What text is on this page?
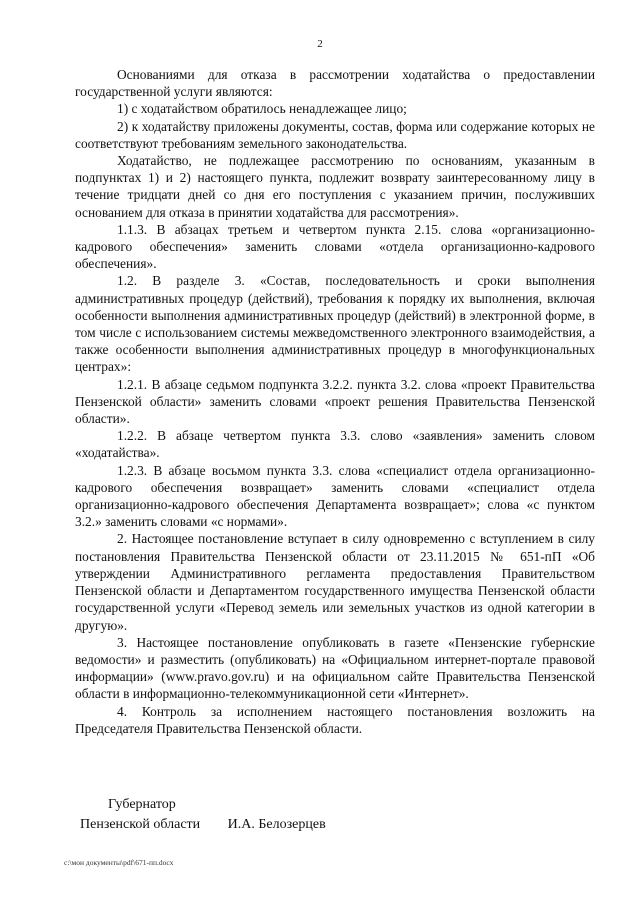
2

Основаниями для отказа в рассмотрении ходатайства о предоставлении государственной услуги являются:

1) с ходатайством обратилось ненадлежащее лицо;

2) к ходатайству приложены документы, состав, форма или содержание которых не соответствуют требованиям земельного законодательства.

Ходатайство, не подлежащее рассмотрению по основаниям, указанным в подпунктах 1) и 2) настоящего пункта, подлежит возврату заинтересованному лицу в течение тридцати дней со дня его поступления с указанием причин, послуживших основанием для отказа в принятии ходатайства для рассмотрения».

1.1.3. В абзацах третьем и четвертом пункта 2.15. слова «организационно-кадрового обеспечения» заменить словами «отдела организационно-кадрового обеспечения».

1.2. В разделе 3. «Состав, последовательность и сроки выполнения административных процедур (действий), требования к порядку их выполнения, включая особенности выполнения административных процедур (действий) в электронной форме, в том числе с использованием системы межведомственного электронного взаимодействия, а также особенности выполнения административных процедур в многофункциональных центрах»:

1.2.1. В абзаце седьмом подпункта 3.2.2. пункта 3.2. слова «проект Правительства Пензенской области» заменить словами «проект решения Правительства Пензенской области».

1.2.2. В абзаце четвертом пункта 3.3. слово «заявления» заменить словом «ходатайства».

1.2.3. В абзаце восьмом пункта 3.3. слова «специалист отдела организационно-кадрового обеспечения возвращает» заменить словами «специалист отдела организационно-кадрового обеспечения Департамента возвращает»; слова «с пунктом 3.2.» заменить словами «с нормами».

2. Настоящее постановление вступает в силу одновременно с вступлением в силу постановления Правительства Пензенской области от 23.11.2015 № 651-пП «Об утверждении Административного регламента предоставления Правительством Пензенской области и Департаментом государственного имущества Пензенской области государственной услуги «Перевод земель или земельных участков из одной категории в другую».

3. Настоящее постановление опубликовать в газете «Пензенские губернские ведомости» и разместить (опубликовать) на «Официальном интернет-портале правовой информации» (www.pravo.gov.ru) и на официальном сайте Правительства Пензенской области в информационно-телекоммуникационной сети «Интернет».

4. Контроль за исполнением настоящего постановления возложить на Председателя Правительства Пензенской области.

Губернатор
Пензенской области И.А. Белозерцев
c:\мои документы\pdf\671-пп.docx
